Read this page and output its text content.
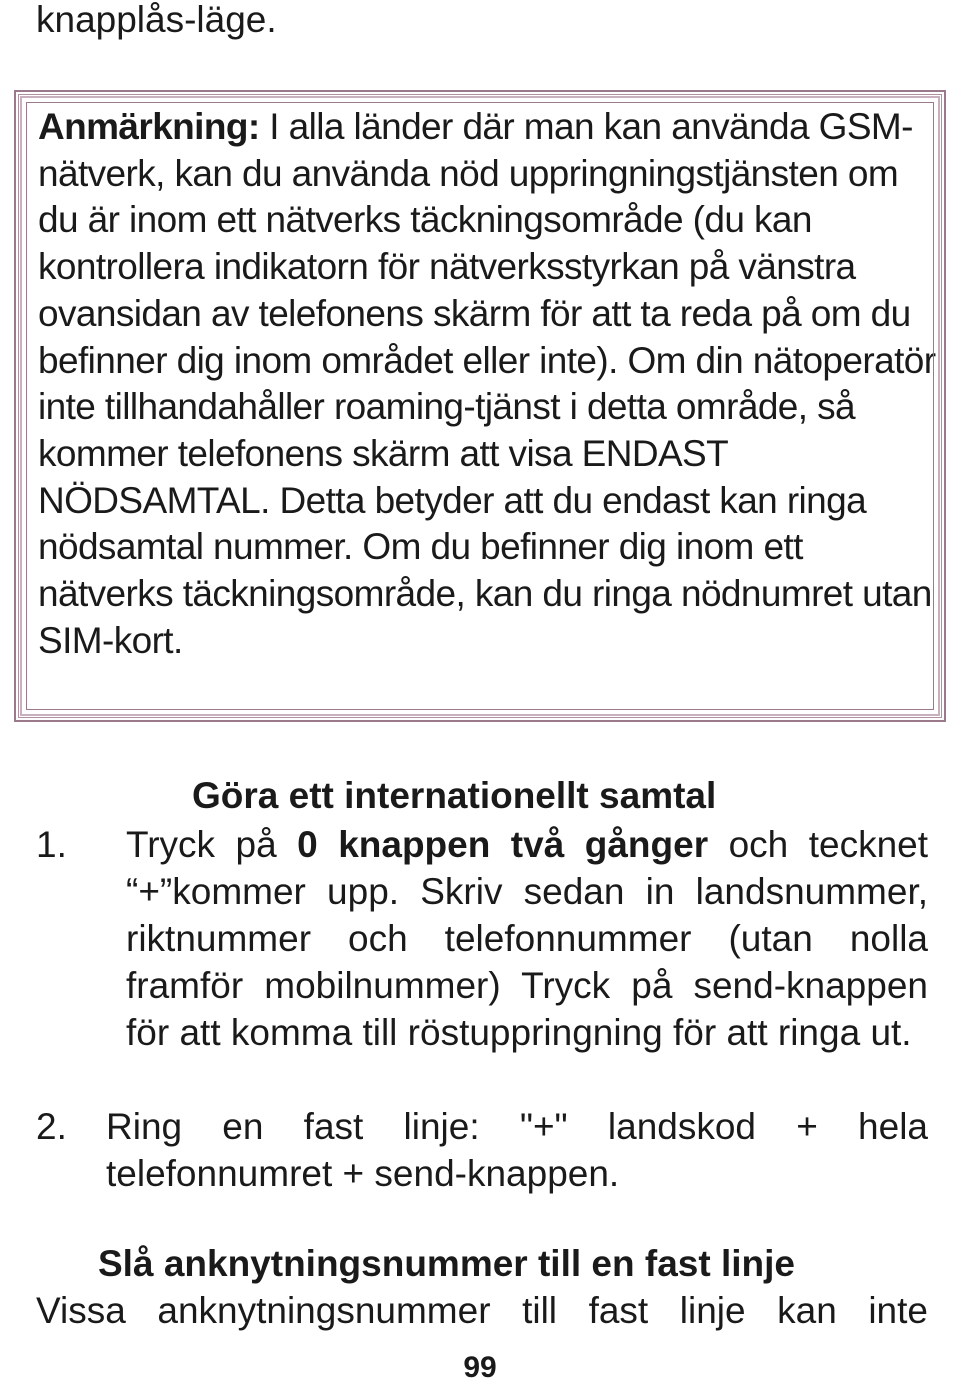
knapplås-läge.
Anmärkning: I alla länder där man kan använda GSM-nätverk, kan du använda nöd uppringningstjänsten om du är inom ett nätverks täckningsområde (du kan kontrollera indikatorn för nätverksstyrkan på vänstra ovansidan av telefonens skärm för att ta reda på om du befinner dig inom området eller inte). Om din nätoperatör inte tillhandahåller roaming-tjänst i detta område, så kommer telefonens skärm att visa ENDAST NÖDSAMTAL. Detta betyder att du endast kan ringa nödsamtal nummer. Om du befinner dig inom ett nätverks täckningsområde, kan du ringa nödnumret utan SIM-kort.
Göra ett internationellt samtal
1. Tryck på 0 knappen två gånger och tecknet “+”kommer upp. Skriv sedan in landsnummer, riktnummer och telefonnummer (utan nolla framför mobilnummer) Tryck på send-knappen för att komma till röstuppringning för att ringa ut.
2. Ring en fast linje: "+" landskod + hela telefonnumret + send-knappen.
Slå anknytningsnummer till en fast linje
Vissa anknytningsnummer till fast linje kan inte
99
